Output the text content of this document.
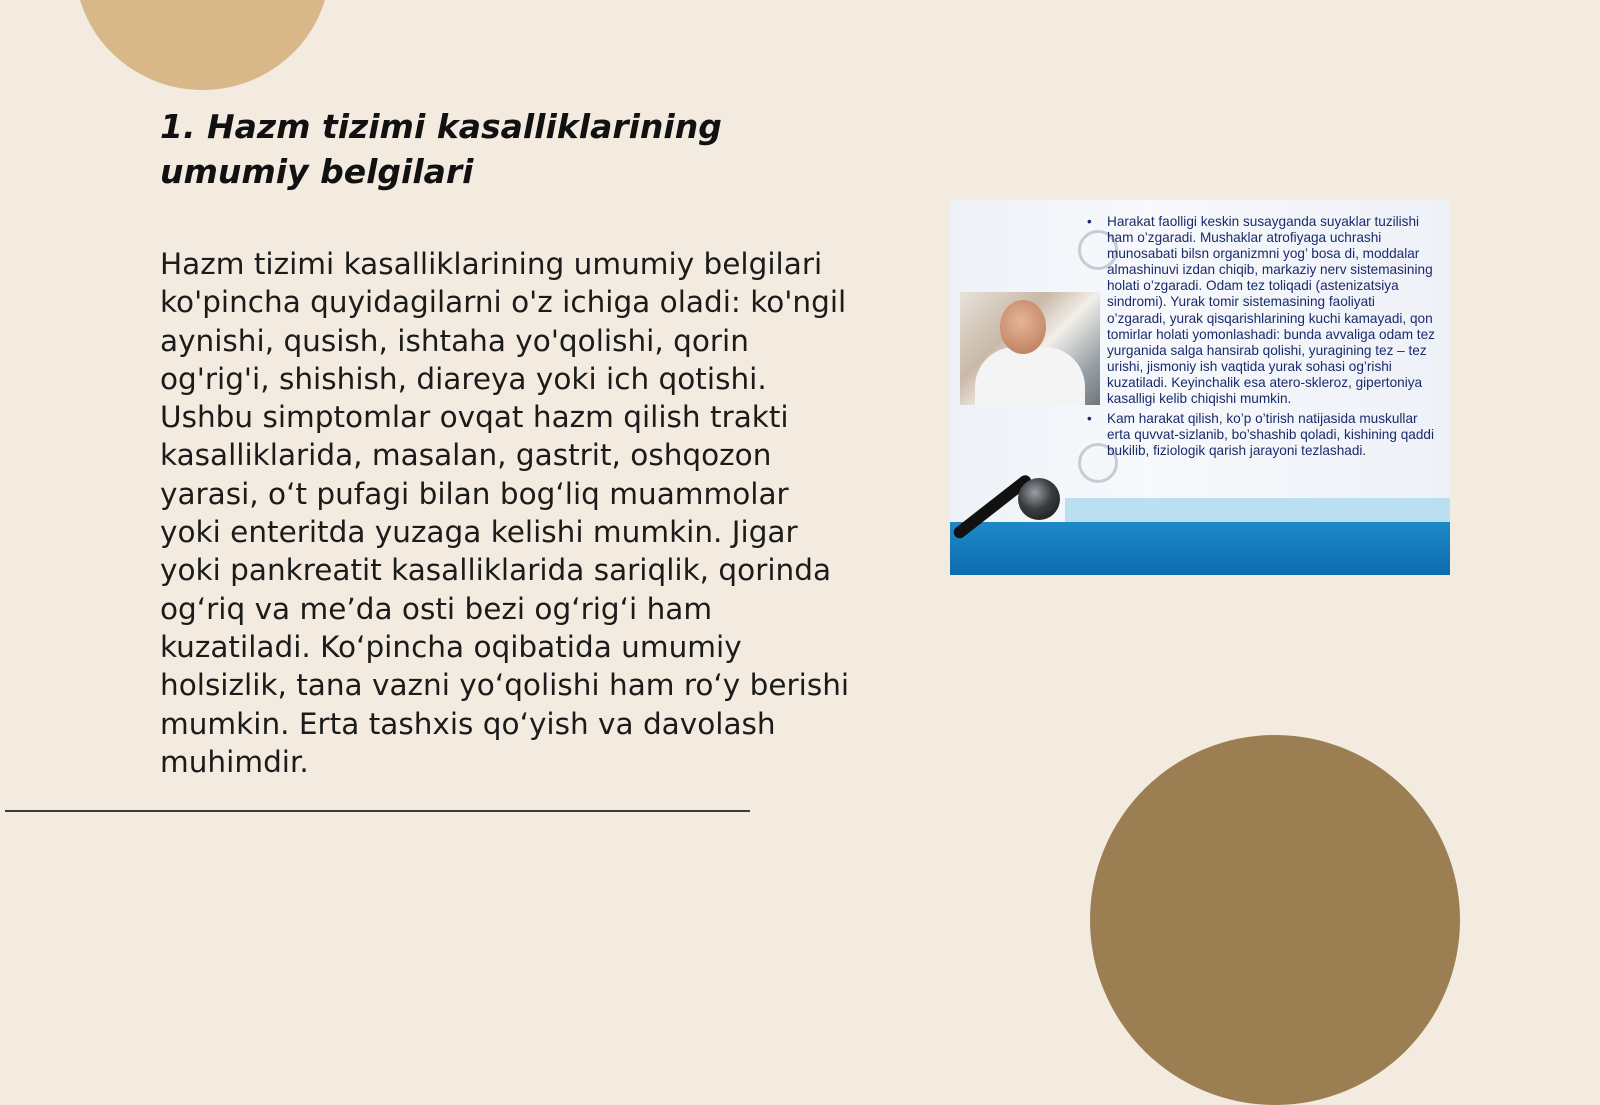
1. Hazm tizimi kasalliklarining umumiy belgilari

Hazm tizimi kasalliklarining umumiy belgilari ko'pincha quyidagilarni o'z ichiga oladi: ko'ngil aynishi, qusish, ishtaha yo'qolishi, qorin og'rig'i, shishish, diareya yoki ich qotishi. Ushbu simptomlar ovqat hazm qilish trakti kasalliklarida, masalan, gastrit, oshqozon yarasi, o‘t pufagi bilan bog‘liq muammolar yoki enteritda yuzaga kelishi mumkin. Jigar yoki pankreatit kasalliklarida sariqlik, qorinda og‘riq va me’da osti bezi og‘rig‘i ham kuzatiladi. Ko‘pincha oqibatida umumiy holsizlik, tana vazni yo‘qolishi ham ro‘y berishi mumkin. Erta tashxis qo‘yish va davolash muhimdir.

• Harakat faolligi keskin susayganda suyaklar tuzilishi ham o’zgaradi. Mushaklar atrofiyaga uchrashi munosabati bilsn organizmni yog’ bosa di, moddalar almashinuvi izdan chiqib, markaziy nerv sistemasining holati o’zgaradi. Odam tez toliqadi (astenizatsiya sindromi). Yurak tomir sistemasining faoliyati o’zgaradi, yurak qisqarishlarining kuchi kamayadi, qon tomirlar holati yomonlashadi: bunda avvaliga odam tez yurganida salga hansirab qolishi, yuragining tez – tez urishi, jismoniy ish vaqtida yurak sohasi og’rishi kuzatiladi. Keyinchalik esa atero-skleroz, gipertoniya kasalligi kelib chiqishi mumkin.

• Kam harakat qilish, ko’p o’tirish natijasida muskullar erta quvvat-sizlanib, bo’shashib qoladi, kishining qaddi bukilib, fiziologik qarish jarayoni tezlashadi.
